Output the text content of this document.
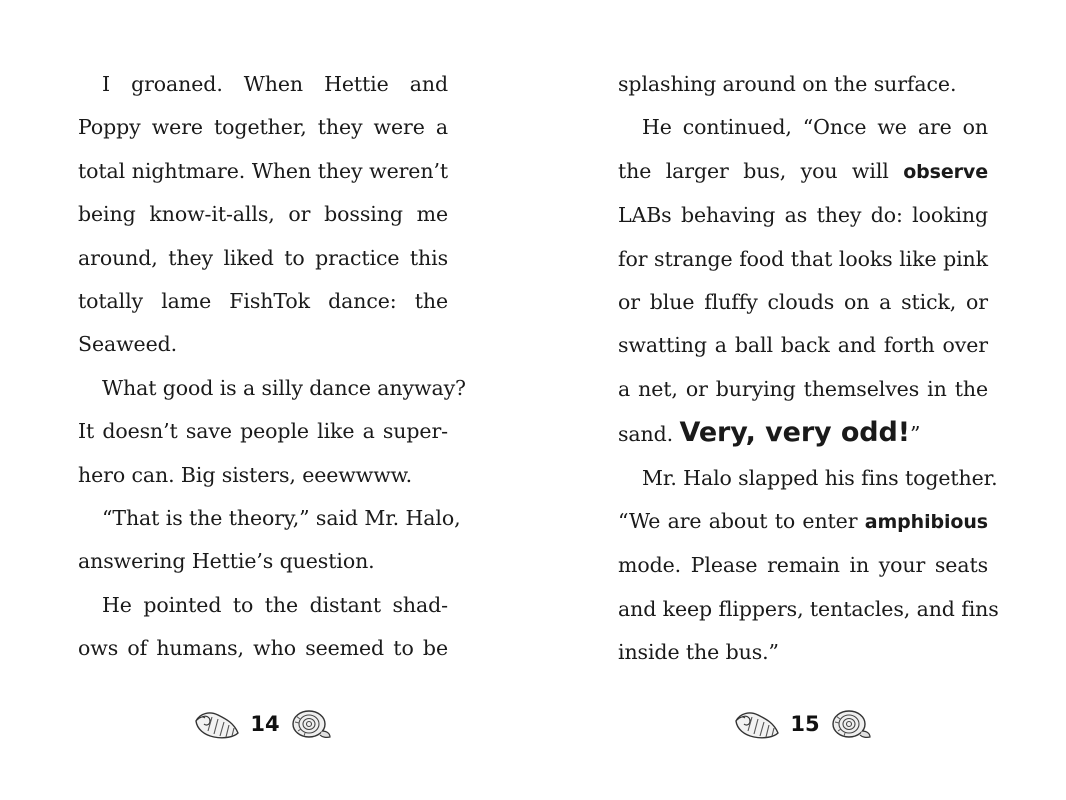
I groaned. When Hettie and
Poppy were together, they were a
total nightmare. When they weren’t
being know-it-alls, or bossing me
around, they liked to practice this
totally lame FishTok dance: the
Seaweed.
What good is a silly dance anyway?
It doesn’t save people like a super-
hero can. Big sisters, eeewwww.
“That is the theory,” said Mr. Halo,
answering Hettie’s question.
He pointed to the distant shad-
ows of humans, who seemed to be
splashing around on the surface.
He continued, “Once we are on
the larger bus, you will observe
LABs behaving as they do: looking
for strange food that looks like pink
or blue fluffy clouds on a stick, or
swatting a ball back and forth over
a net, or burying themselves in the
sand. Very, very odd!”
Mr. Halo slapped his fins together.
“We are about to enter amphibious
mode. Please remain in your seats
and keep flippers, tentacles, and fins
inside the bus.”
14	15
